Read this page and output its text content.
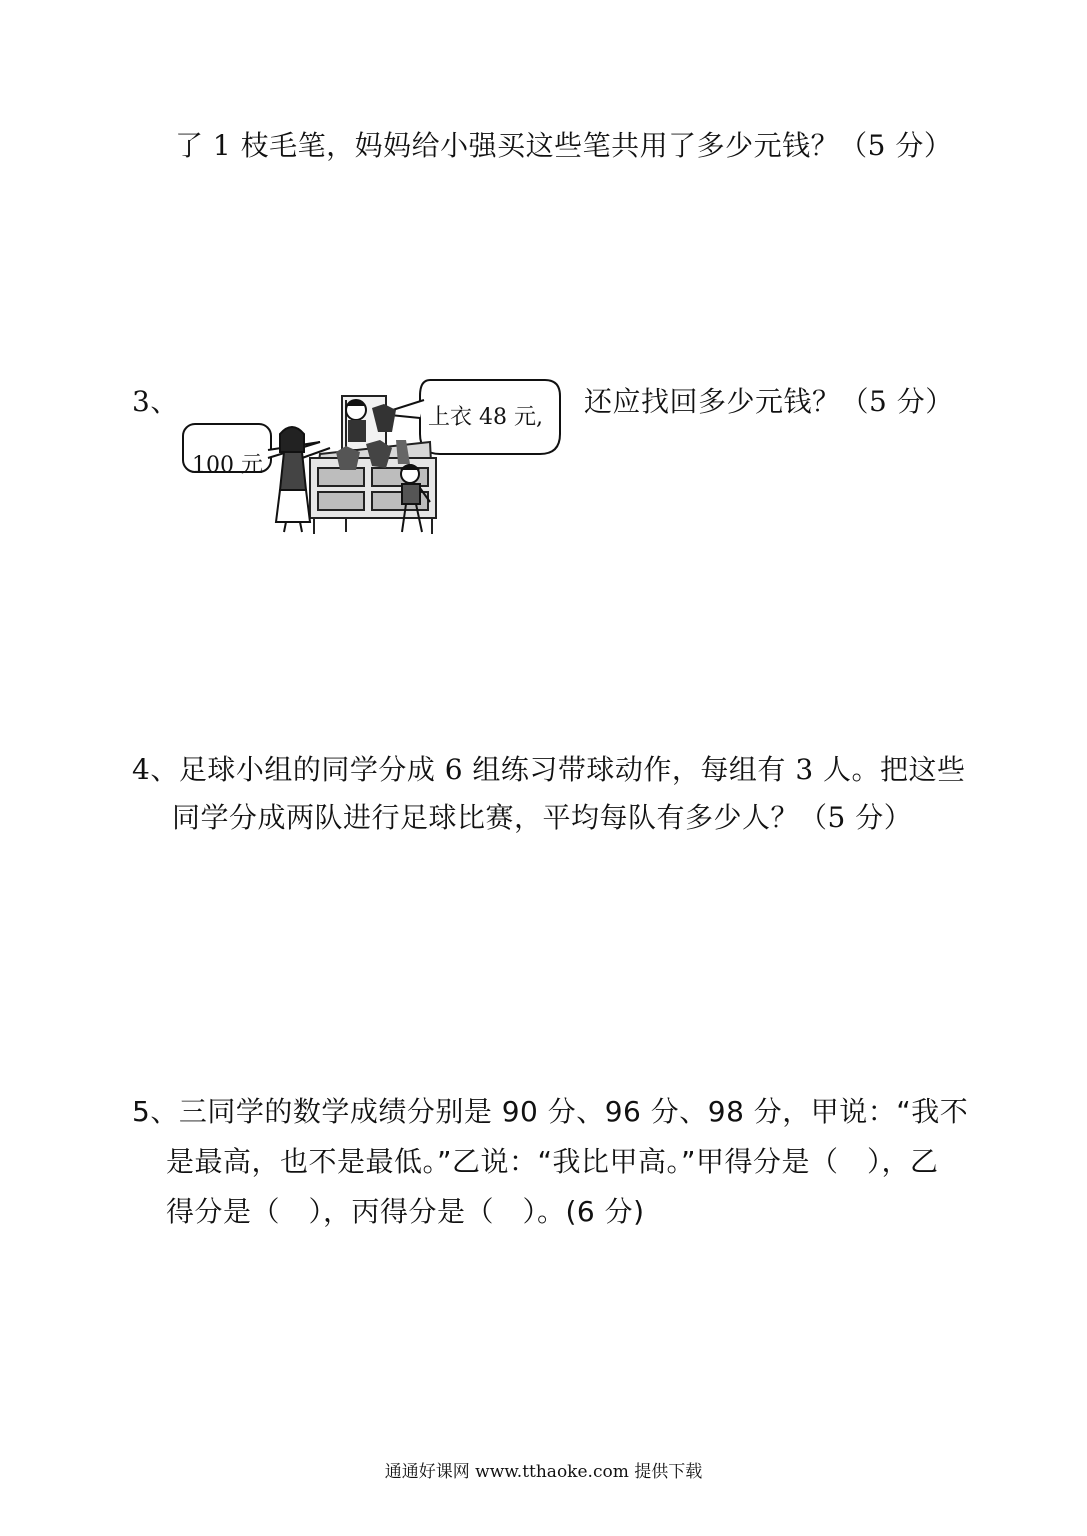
了 1 枝毛笔，妈妈给小强买这些笔共用了多少元钱？（5 分）
3、
100 元
上衣 48 元, 还应找回多少元钱？（5 分）
4、足球小组的同学分成 6 组练习带球动作，每组有 3 人。把这些
同学分成两队进行足球比赛，平均每队有多少人？（5 分）
5、三同学的数学成绩分别是 90 分、96 分、98 分，甲说：“我不
是最高，也不是最低。”乙说：“我比甲高。”甲得分是（　），乙
得分是（　），丙得分是（　）。(6 分)
通通好课网 www.tthaoke.com 提供下载
